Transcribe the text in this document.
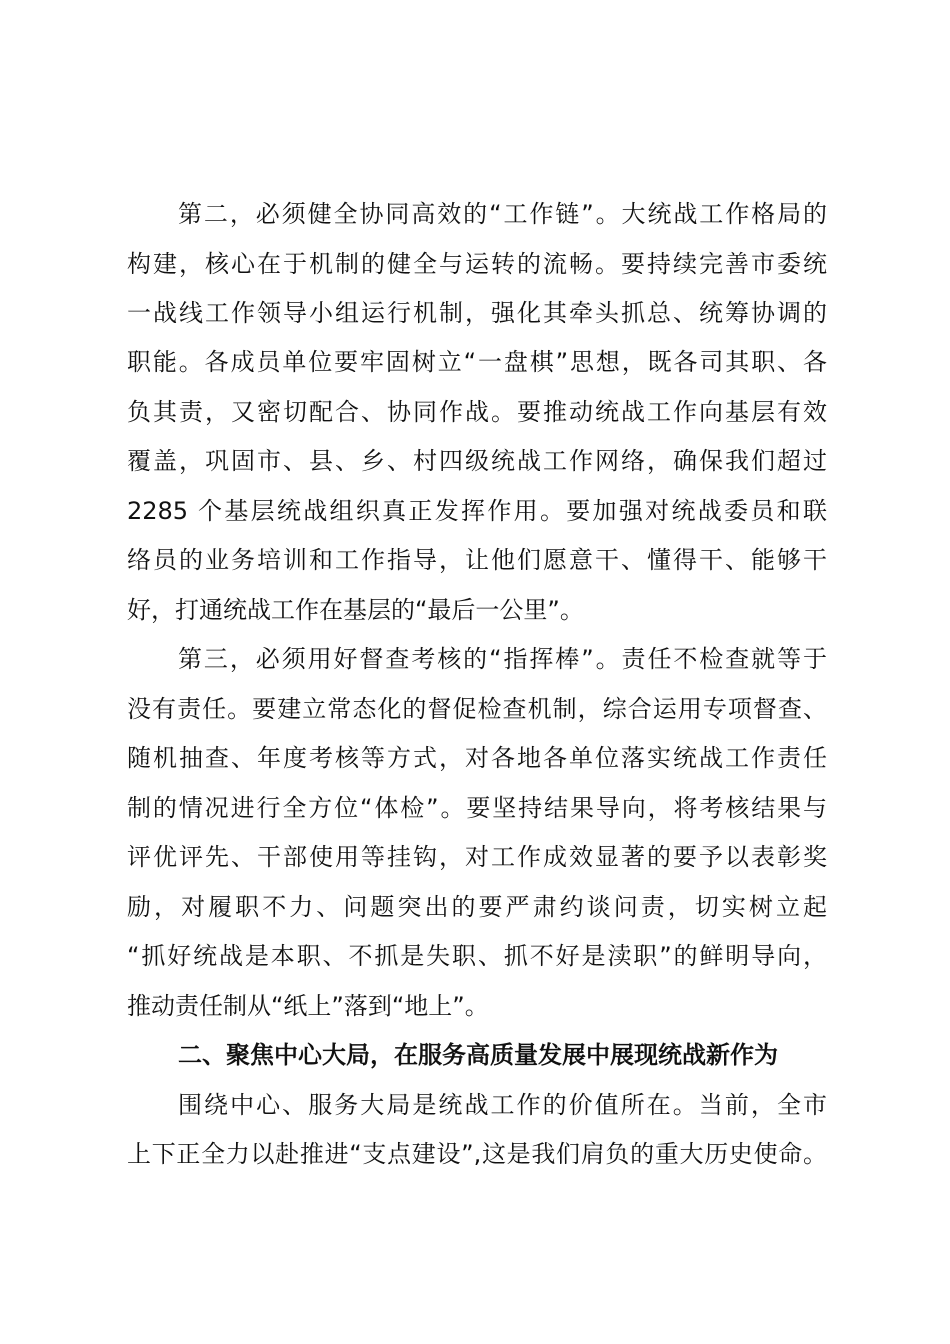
第二，必须健全协同高效的“工作链”。大统战工作格局的
构建，核心在于机制的健全与运转的流畅。要持续完善市委统
一战线工作领导小组运行机制，强化其牵头抓总、统筹协调的
职能。各成员单位要牢固树立“一盘棋”思想，既各司其职、各
负其责，又密切配合、协同作战。要推动统战工作向基层有效
覆盖，巩固市、县、乡、村四级统战工作网络，确保我们超过
2285 个基层统战组织真正发挥作用。要加强对统战委员和联
络员的业务培训和工作指导，让他们愿意干、懂得干、能够干
好，打通统战工作在基层的“最后一公里”。
第三，必须用好督查考核的“指挥棒”。责任不检查就等于
没有责任。要建立常态化的督促检查机制，综合运用专项督查、
随机抽查、年度考核等方式，对各地各单位落实统战工作责任
制的情况进行全方位“体检”。要坚持结果导向，将考核结果与
评优评先、干部使用等挂钩，对工作成效显著的要予以表彰奖
励，对履职不力、问题突出的要严肃约谈问责，切实树立起
“抓好统战是本职、不抓是失职、抓不好是渎职”的鲜明导向，
推动责任制从“纸上”落到“地上”。
二、聚焦中心大局，在服务高质量发展中展现统战新作为
围绕中心、服务大局是统战工作的价值所在。当前，全市
上下正全力以赴推进“支点建设”,这是我们肩负的重大历史使命。
